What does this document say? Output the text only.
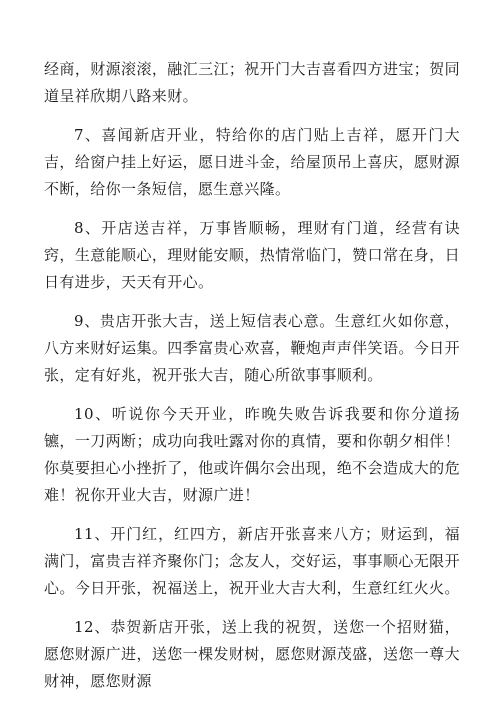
经商，财源滚滚，融汇三江；祝开门大吉喜看四方进宝；贺同道呈祥欣期八路来财。

7、喜闻新店开业，特给你的店门贴上吉祥，愿开门大吉，给窗户挂上好运，愿日进斗金，给屋顶吊上喜庆，愿财源不断，给你一条短信，愿生意兴隆。

8、开店送吉祥，万事皆顺畅，理财有门道，经营有诀窍，生意能顺心，理财能安顺，热情常临门，赞口常在身，日日有进步，天天有开心。

9、贵店开张大吉，送上短信表心意。生意红火如你意，八方来财好运集。四季富贵心欢喜，鞭炮声声伴笑语。今日开张，定有好兆，祝开张大吉，随心所欲事事顺利。

10、听说你今天开业，昨晚失败告诉我要和你分道扬镳，一刀两断；成功向我吐露对你的真情，要和你朝夕相伴！你莫要担心小挫折了，他或许偶尔会出现，绝不会造成大的危难！祝你开业大吉，财源广进！

11、开门红，红四方，新店开张喜来八方；财运到，福满门，富贵吉祥齐聚你门；念友人，交好运，事事顺心无限开心。今日开张，祝福送上，祝开业大吉大利，生意红红火火。

12、恭贺新店开张，送上我的祝贺，送您一个招财猫，愿您财源广进，送您一棵发财树，愿您财源茂盛，送您一尊大财神，愿您财源
